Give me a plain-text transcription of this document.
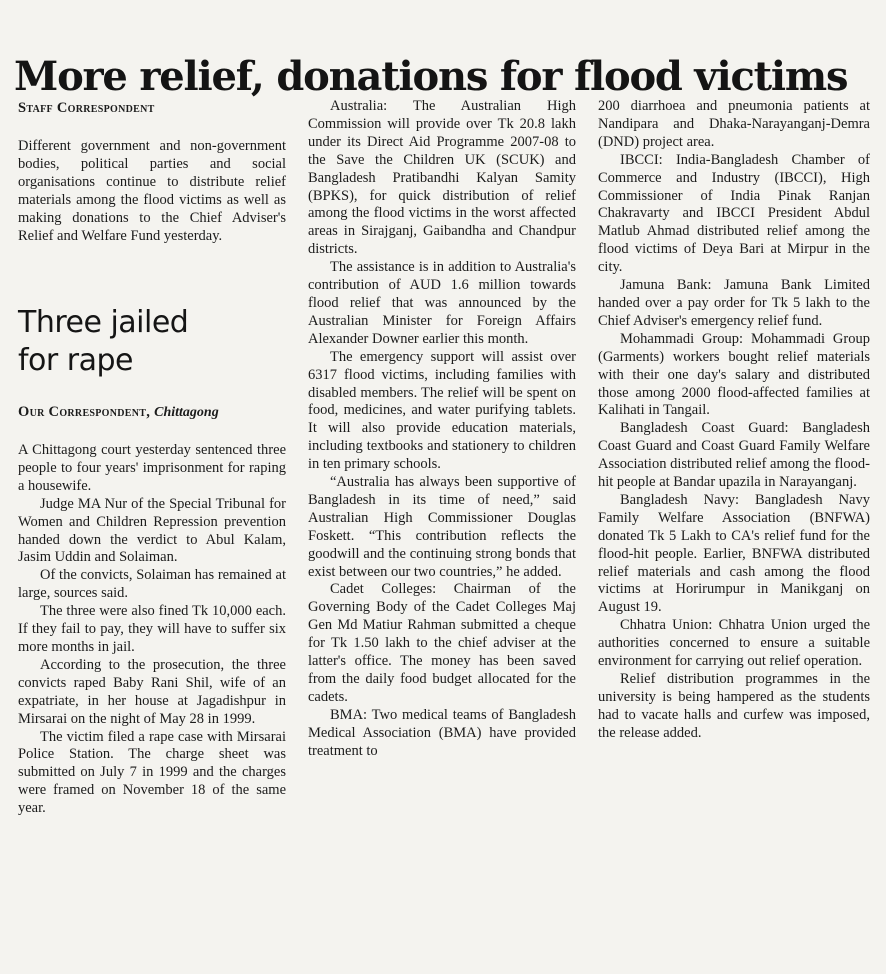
More relief, donations for flood victims
Staff Correspondent

Different government and non-government bodies, political parties and social organisations continue to distribute relief materials among the flood victims as well as making donations to the Chief Adviser's Relief and Welfare Fund yesterday.

Three jailed
for rape
Our Correspondent, Chittagong

A Chittagong court yesterday sentenced three people to four years' imprisonment for raping a housewife.

Judge MA Nur of the Special Tribunal for Women and Children Repression prevention handed down the verdict to Abul Kalam, Jasim Uddin and Solaiman.

Of the convicts, Solaiman has remained at large, sources said.

The three were also fined Tk 10,000 each. If they fail to pay, they will have to suffer six more months in jail.

According to the prosecution, the three convicts raped Baby Rani Shil, wife of an expatriate, in her house at Jagadishpur in Mirsarai on the night of May 28 in 1999.

The victim filed a rape case with Mirsarai Police Station. The charge sheet was submitted on July 7 in 1999 and the charges were framed on November 18 of the same year.

Australia: The Australian High Commission will provide over Tk 20.8 lakh under its Direct Aid Programme 2007-08 to the Save the Children UK (SCUK) and Bangladesh Pratibandhi Kalyan Samity (BPKS), for quick distribution of relief among the flood victims in the worst affected areas in Sirajganj, Gaibandha and Chandpur districts.

The assistance is in addition to Australia's contribution of AUD 1.6 million towards flood relief that was announced by the Australian Minister for Foreign Affairs Alexander Downer earlier this month.

The emergency support will assist over 6317 flood victims, including families with disabled members. The relief will be spent on food, medicines, and water purifying tablets. It will also provide education materials, including textbooks and stationery to children in ten primary schools.

“Australia has always been supportive of Bangladesh in its time of need,” said Australian High Commissioner Douglas Foskett. “This contribution reflects the goodwill and the continuing strong bonds that exist between our two countries,” he added.

Cadet Colleges: Chairman of the Governing Body of the Cadet Colleges Maj Gen Md Matiur Rahman submitted a cheque for Tk 1.50 lakh to the chief adviser at the latter's office. The money has been saved from the daily food budget allocated for the cadets.

BMA: Two medical teams of Bangladesh Medical Association (BMA) have provided treatment to

200 diarrhoea and pneumonia patients at Nandipara and Dhaka-Narayanganj-Demra (DND) project area.

IBCCI: India-Bangladesh Chamber of Commerce and Industry (IBCCI), High Commissioner of India Pinak Ranjan Chakravarty and IBCCI President Abdul Matlub Ahmad distributed relief among the flood victims of Deya Bari at Mirpur in the city.

Jamuna Bank: Jamuna Bank Limited handed over a pay order for Tk 5 lakh to the Chief Adviser's emergency relief fund.

Mohammadi Group: Mohammadi Group (Garments) workers bought relief materials with their one day's salary and distributed those among 2000 flood-affected families at Kalihati in Tangail.

Bangladesh Coast Guard: Bangladesh Coast Guard and Coast Guard Family Welfare Association distributed relief among the flood-hit people at Bandar upazila in Narayanganj.

Bangladesh Navy: Bangladesh Navy Family Welfare Association (BNFWA) donated Tk 5 Lakh to CA's relief fund for the flood-hit people. Earlier, BNFWA distributed relief materials and cash among the flood victims at Horirumpur in Manikganj on August 19.

Chhatra Union: Chhatra Union urged the authorities concerned to ensure a suitable environment for carrying out relief operation.

Relief distribution programmes in the university is being hampered as the students had to vacate halls and curfew was imposed, the release added.
